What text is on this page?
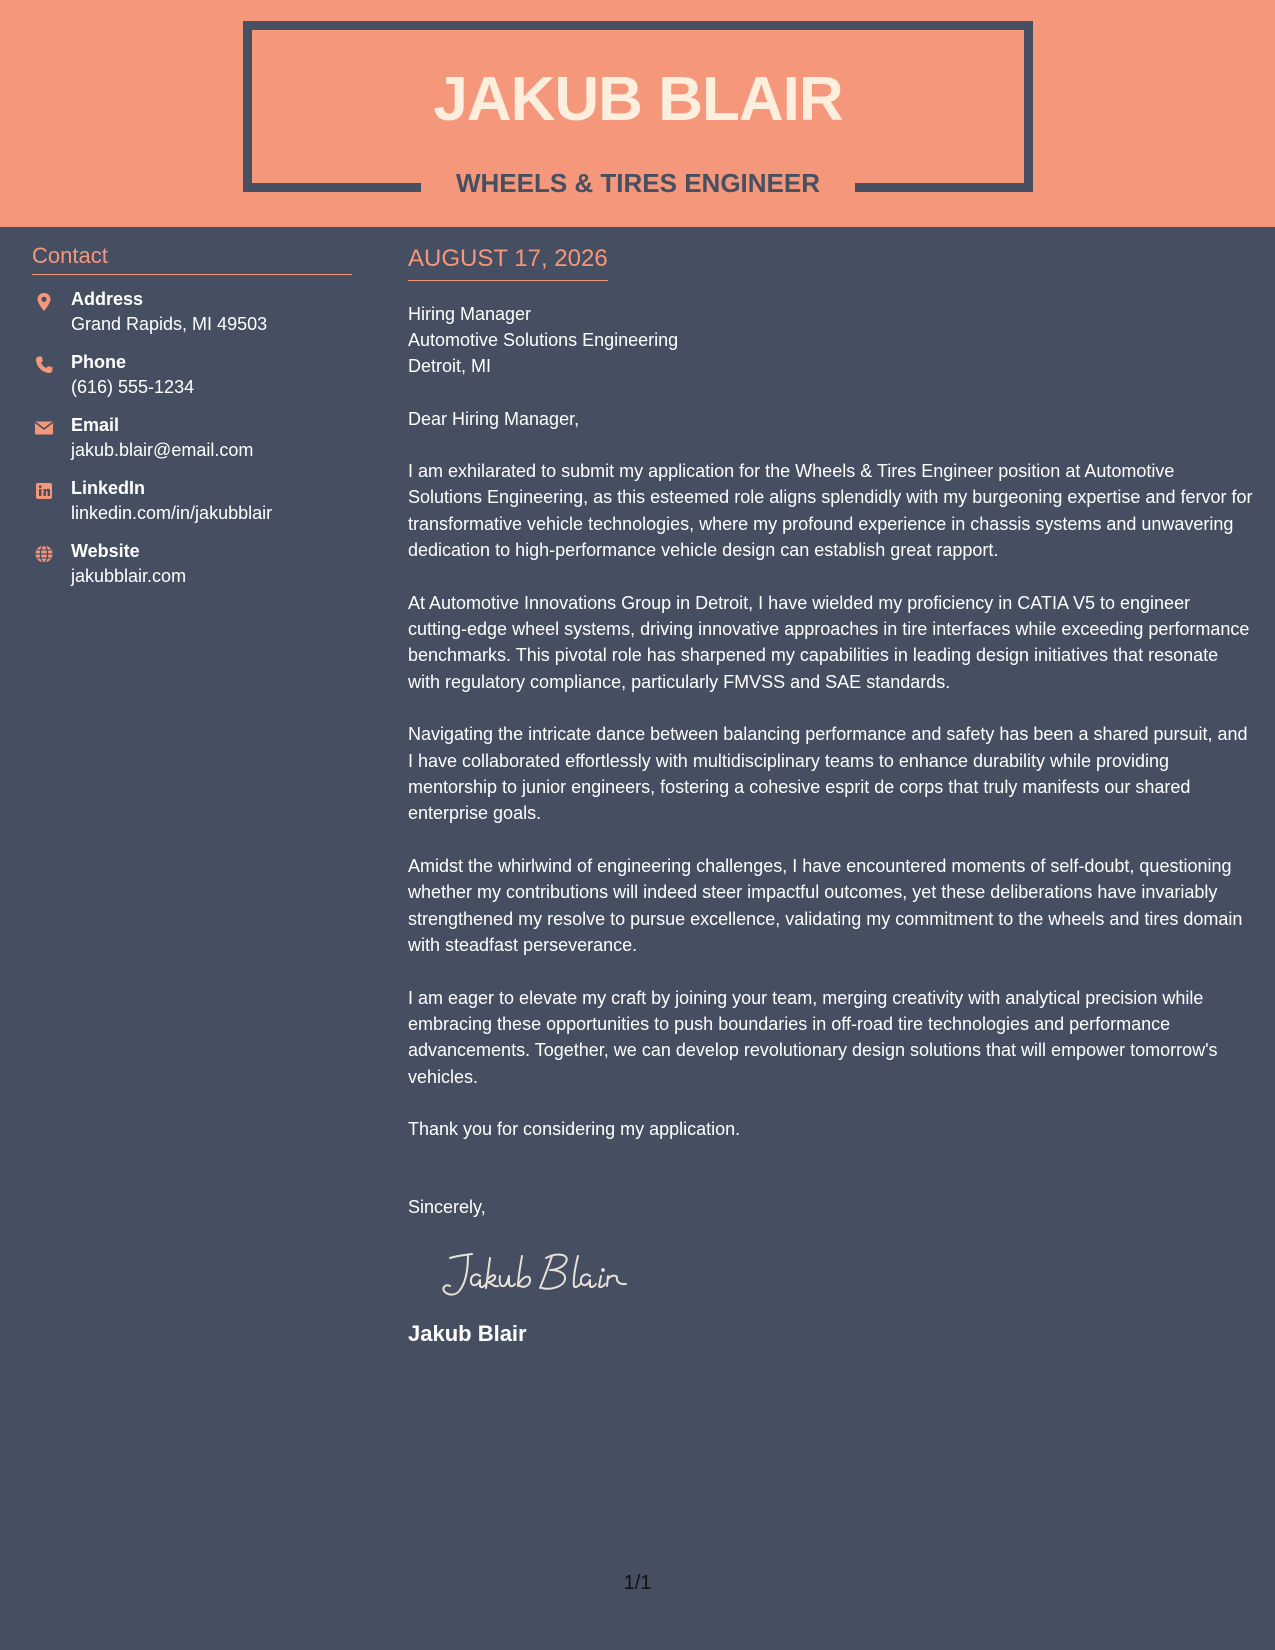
JAKUB BLAIR
WHEELS & TIRES ENGINEER
Contact
Address
Grand Rapids, MI 49503
Phone
(616) 555-1234
Email
jakub.blair@email.com
LinkedIn
linkedin.com/in/jakubblair
Website
jakubblair.com
AUGUST 17, 2026
Hiring Manager
Automotive Solutions Engineering
Detroit, MI
Dear Hiring Manager,

I am exhilarated to submit my application for the Wheels & Tires Engineer position at Automotive Solutions Engineering, as this esteemed role aligns splendidly with my burgeoning expertise and fervor for transformative vehicle technologies, where my profound experience in chassis systems and unwavering dedication to high-performance vehicle design can establish great rapport.

At Automotive Innovations Group in Detroit, I have wielded my proficiency in CATIA V5 to engineer cutting-edge wheel systems, driving innovative approaches in tire interfaces while exceeding performance benchmarks. This pivotal role has sharpened my capabilities in leading design initiatives that resonate with regulatory compliance, particularly FMVSS and SAE standards.

Navigating the intricate dance between balancing performance and safety has been a shared pursuit, and I have collaborated effortlessly with multidisciplinary teams to enhance durability while providing mentorship to junior engineers, fostering a cohesive esprit de corps that truly manifests our shared enterprise goals.

Amidst the whirlwind of engineering challenges, I have encountered moments of self-doubt, questioning whether my contributions will indeed steer impactful outcomes, yet these deliberations have invariably strengthened my resolve to pursue excellence, validating my commitment to the wheels and tires domain with steadfast perseverance.

I am eager to elevate my craft by joining your team, merging creativity with analytical precision while embracing these opportunities to push boundaries in off-road tire technologies and performance advancements. Together, we can develop revolutionary design solutions that will empower tomorrow's vehicles.

Thank you for considering my application.
Sincerely,
Jakub Blair
1/1
